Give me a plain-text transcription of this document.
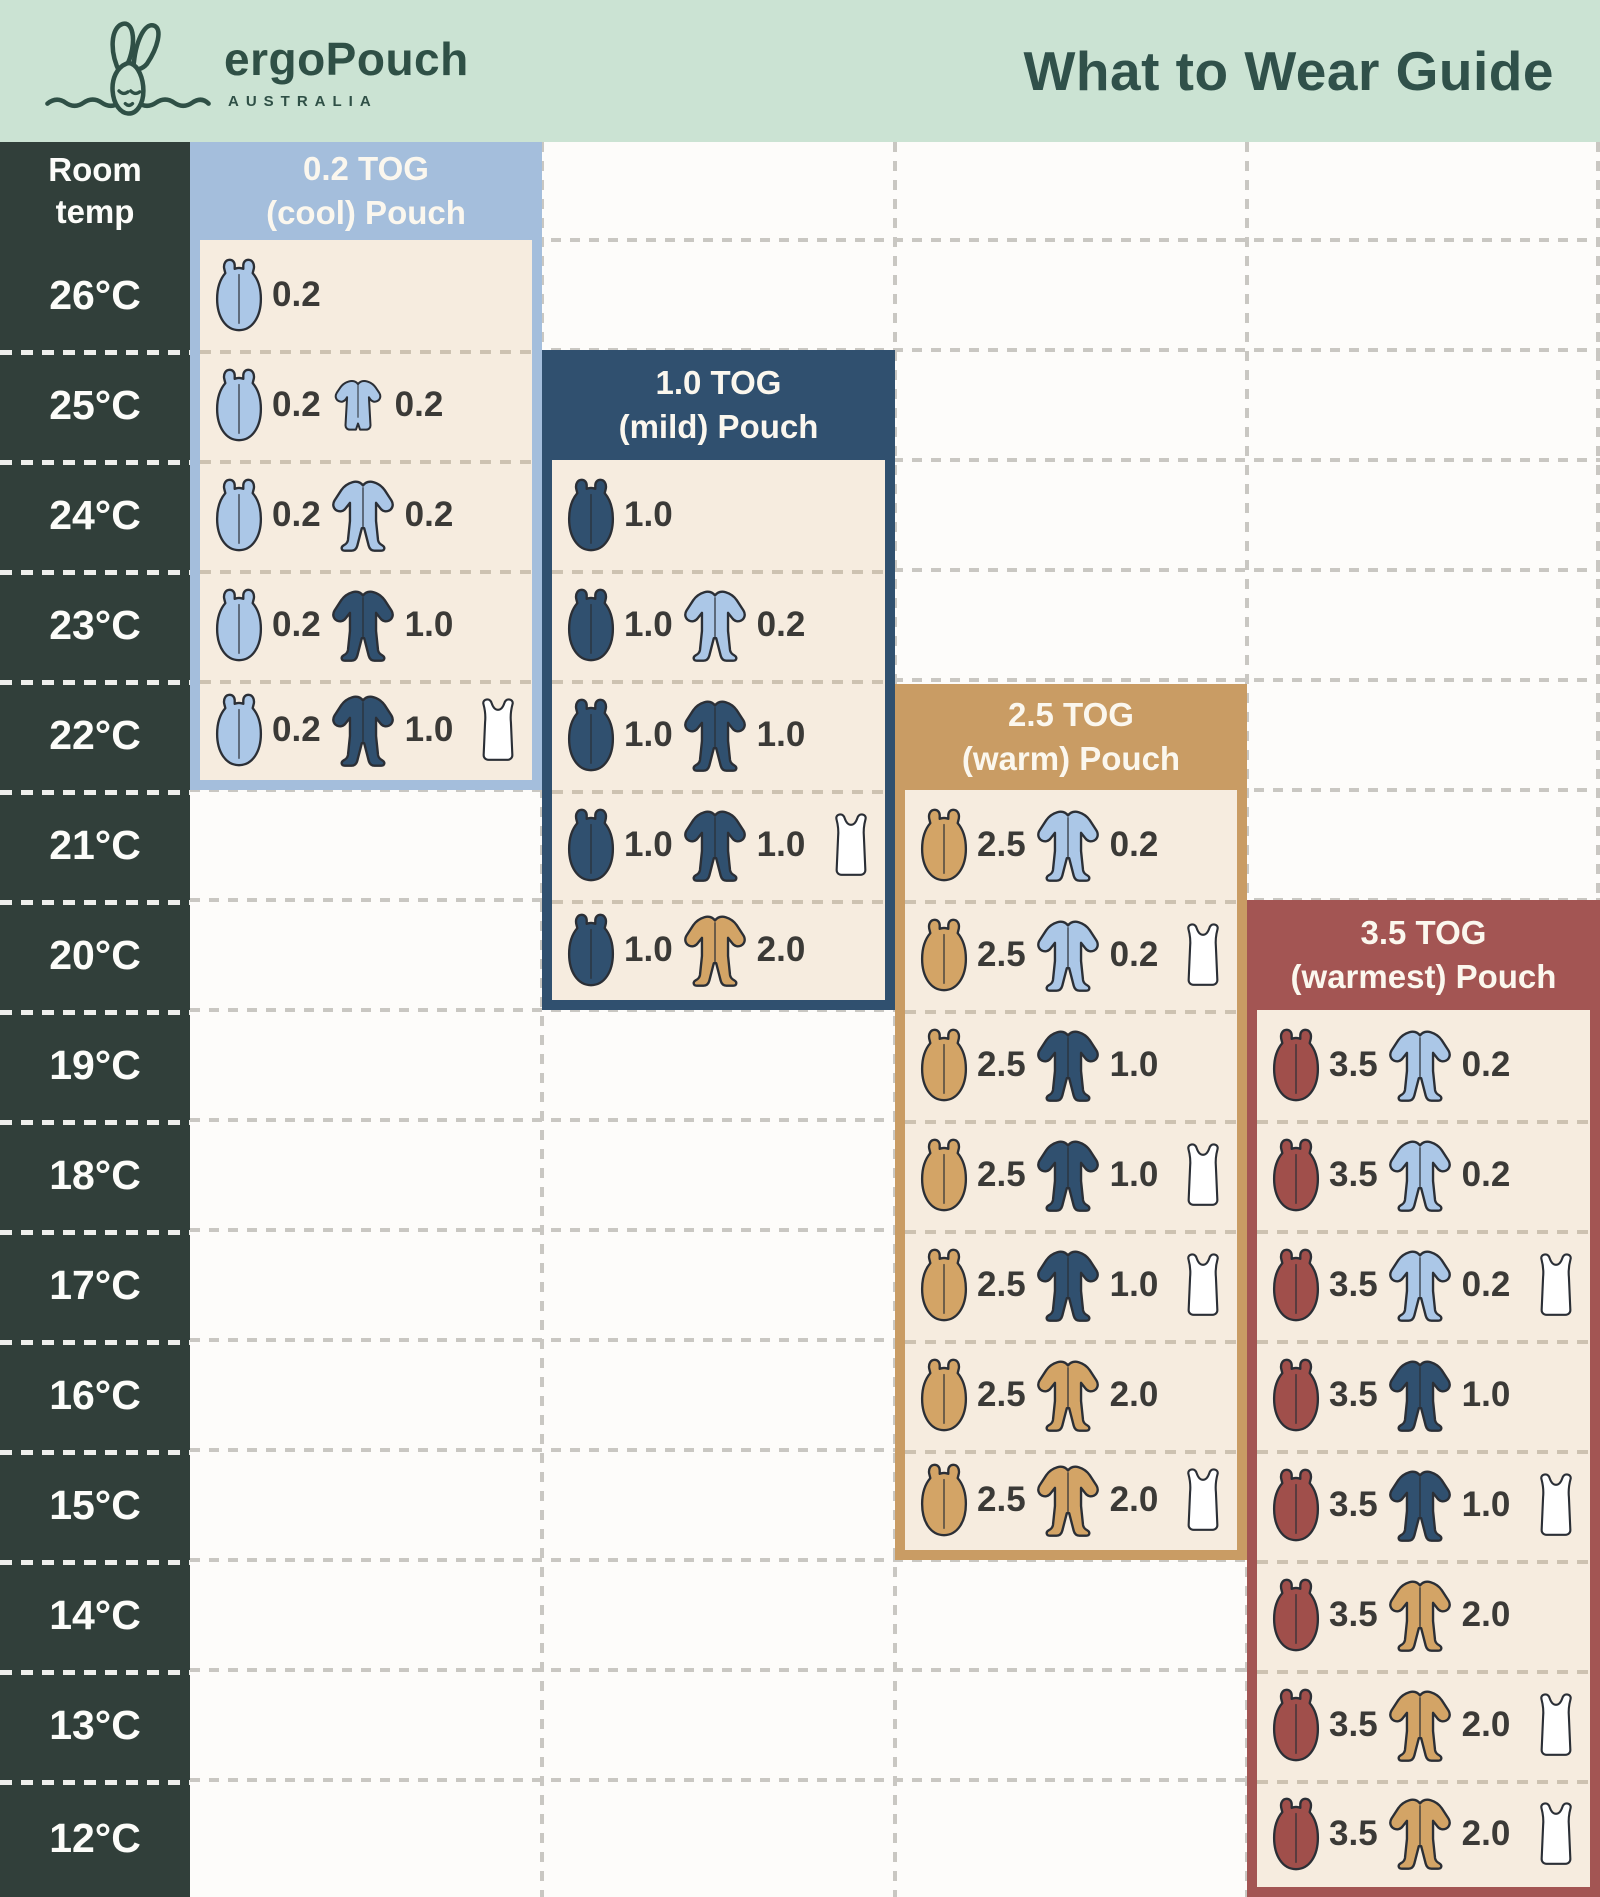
ergoPouch
AUSTRALIA	What to Wear Guide
Room
temp
26°C
25°C
24°C
23°C
22°C
21°C
20°C
19°C
18°C
17°C
16°C
15°C
14°C
13°C
12°C
0.2 TOG
(cool) Pouch
0.2
0.2 0.2
0.2 0.2
0.2 1.0
0.2 1.0
1.0 TOG
(mild) Pouch
1.0
1.0 0.2
1.0 1.0
1.0 1.0
1.0 2.0
2.5 TOG
(warm) Pouch
2.5 0.2
2.5 0.2
2.5 1.0
2.5 1.0
2.5 1.0
2.5 2.0
2.5 2.0
3.5 TOG
(warmest) Pouch
3.5 0.2
3.5 0.2
3.5 0.2
3.5 1.0
3.5 1.0
3.5 2.0
3.5 2.0
3.5 2.0
